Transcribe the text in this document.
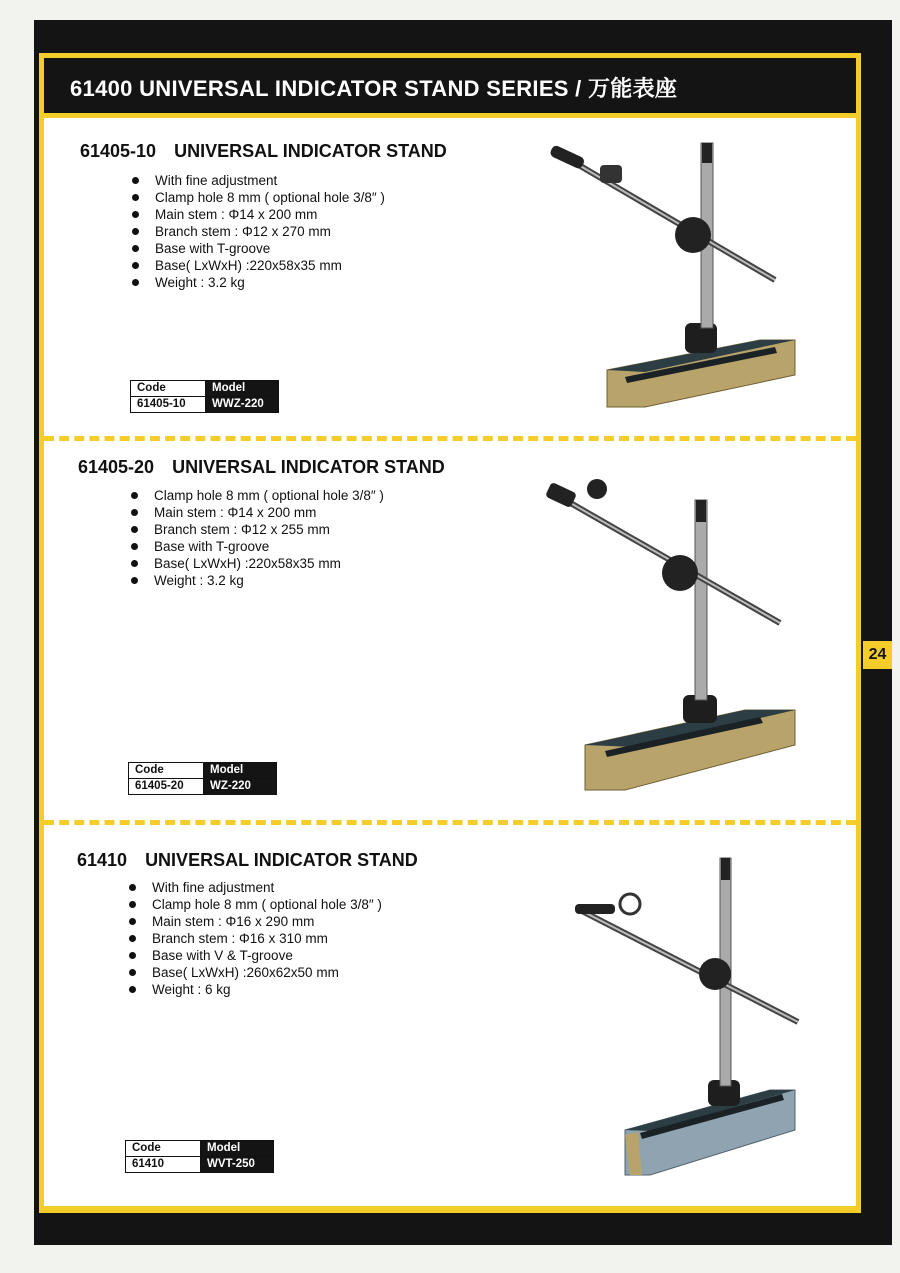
61400 UNIVERSAL INDICATOR STAND SERIES / 万能表座
24
61405-10 UNIVERSAL INDICATOR STAND
With fine adjustment
Clamp hole 8 mm ( optional hole 3/8″ )
Main stem : Φ14 x 200 mm
Branch stem : Φ12 x 270 mm
Base with T-groove
Base( LxWxH) :220x58x35 mm
Weight : 3.2 kg
Code	Model
61405-10	WWZ-220
61405-20 UNIVERSAL INDICATOR STAND
Clamp hole 8 mm ( optional hole 3/8″ )
Main stem : Φ14 x 200 mm
Branch stem : Φ12 x 255 mm
Base with T-groove
Base( LxWxH) :220x58x35 mm
Weight : 3.2 kg
Code	Model
61405-20	WZ-220
61410 UNIVERSAL INDICATOR STAND
With fine adjustment
Clamp hole 8 mm ( optional hole 3/8″ )
Main stem : Φ16 x 290 mm
Branch stem : Φ16 x 310 mm
Base with V & T-groove
Base( LxWxH) :260x62x50 mm
Weight : 6 kg
Code	Model
61410	WVT-250
